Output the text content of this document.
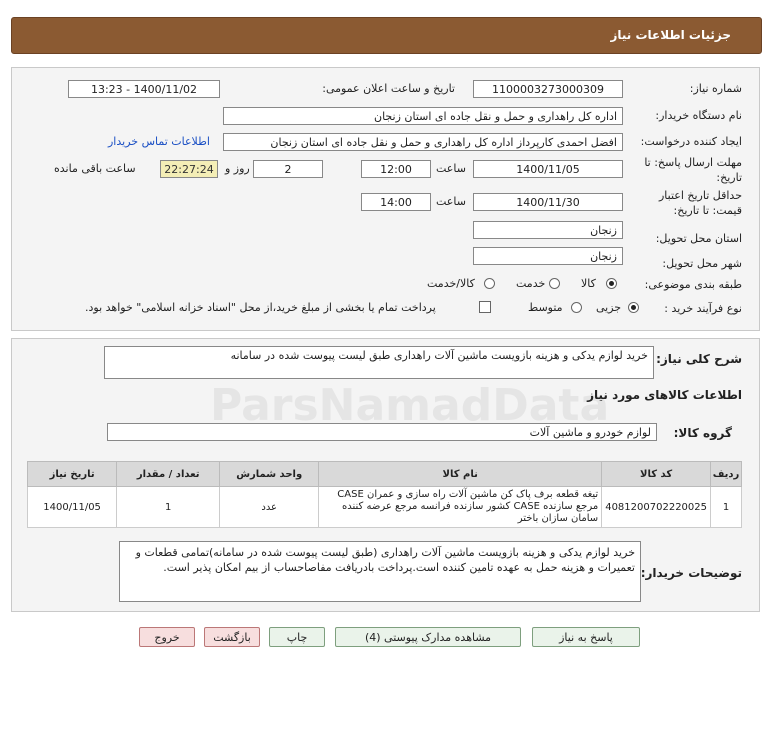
جزئیات اطلاعات نیاز
شماره نیاز:
1100003273000309
تاریخ و ساعت اعلان عمومی:
1400/11/02 - 13:23
نام دستگاه خریدار:
اداره کل راهداری و حمل و نقل جاده ای استان زنجان
ایجاد کننده درخواست:
افضل احمدی کارپرداز اداره کل راهداری و حمل و نقل جاده ای استان زنجان
اطلاعات تماس خریدار
مهلت ارسال پاسخ: تا تاریخ:
1400/11/05
ساعت
12:00
2
روز و
22:27:24
ساعت باقی مانده
حداقل تاریخ اعتبار قیمت: تا تاریخ:
1400/11/30
ساعت
14:00
استان محل تحویل:
زنجان
شهر محل تحویل:
زنجان
طبقه بندی موضوعی:
کالا
خدمت
کالا/خدمت
نوع فرآیند خرید :
جزیی
متوسط
پرداخت تمام یا بخشی از مبلغ خرید،از محل "اسناد خزانه اسلامی" خواهد بود.
شرح کلی نیاز:
خرید لوازم یدکی و هزینه بازویست ماشین آلات راهداری طبق لیست پیوست شده در سامانه
اطلاعات کالاهای مورد نیاز
گروه کالا:
لوازم خودرو و ماشین آلات
ردیف	کد کالا	نام کالا	واحد شمارش	تعداد / مقدار	تاریخ نیاز
1	4081200702220025	تیغه قطعه برف پاک کن ماشین آلات راه سازی و عمران CASE مرجع سازنده CASE کشور سازنده فرانسه مرجع عرضه کننده سامان سازان باختر	عدد	1	1400/11/05
توضیحات خریدار:
خرید لوازم یدکی و هزینه بازویست ماشین آلات راهداری (طبق لیست پیوست شده در سامانه)تمامی قطعات و تعمیرات و هزینه حمل به عهده تامین کننده است.پرداخت بادریافت مفاصاحساب از بیم امکان پذیر است.
پاسخ به نیاز
مشاهده مدارک پیوستی (4)
چاپ
بازگشت
خروج
